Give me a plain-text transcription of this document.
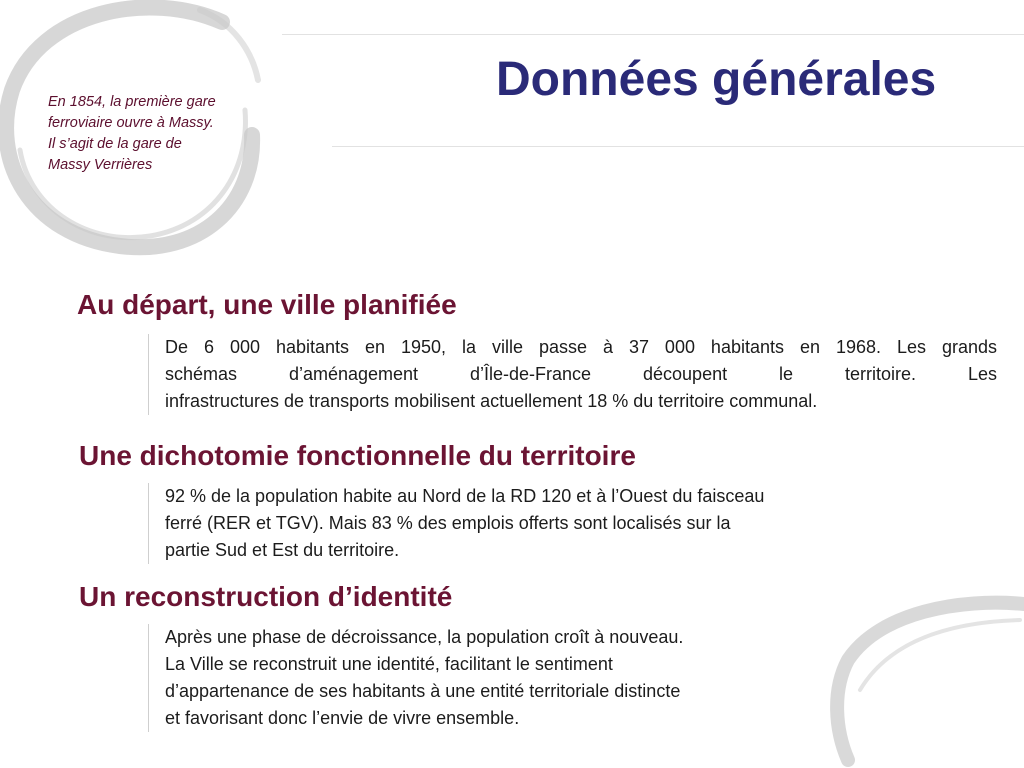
Données générales
En 1854, la première gare
ferroviaire ouvre à Massy.
Il s’agit de la gare de
Massy Verrières
Au départ, une ville planifiée
De 6 000 habitants en 1950, la ville passe à 37 000 habitants en 1968. Les grands
schémas d’aménagement d’Île-de-France découpent le territoire. Les
infrastructures de transports mobilisent actuellement 18 % du territoire communal.
Une dichotomie fonctionnelle du territoire
92 % de la population habite au Nord de la RD 120 et à l’Ouest du faisceau
ferré (RER et TGV). Mais 83 % des emplois offerts sont localisés sur la
partie Sud et Est du territoire.
Un reconstruction d’identité
Après une phase de décroissance, la population croît à nouveau.
La Ville se reconstruit une identité, facilitant le sentiment
d’appartenance de ses habitants à une entité territoriale distincte
et favorisant donc l’envie de vivre ensemble.
